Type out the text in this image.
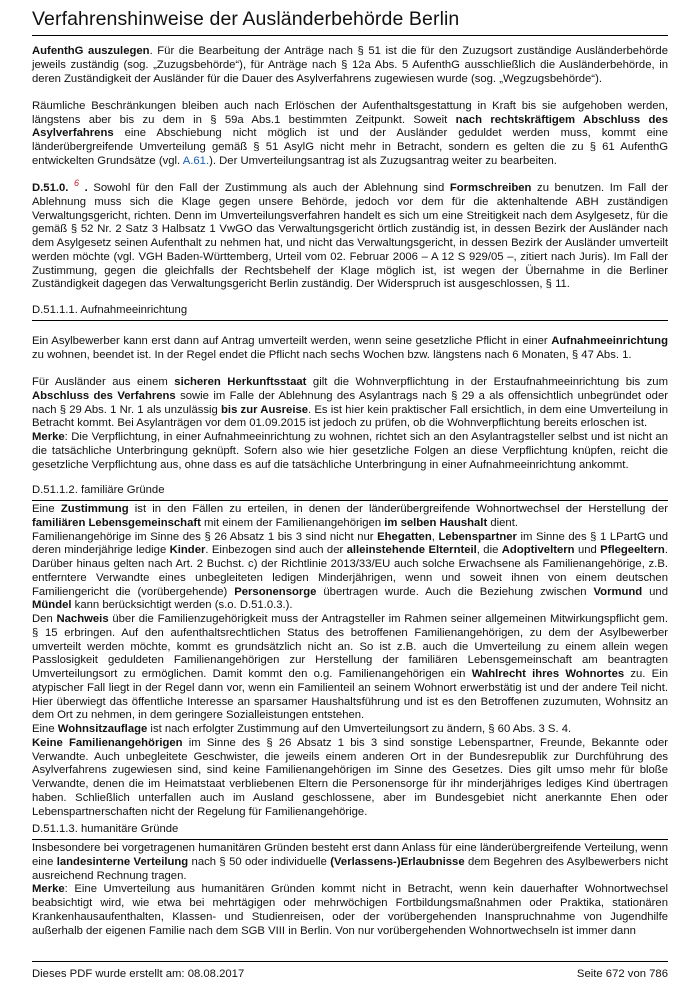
Verfahrenshinweise der Ausländerbehörde Berlin

AufenthG auszulegen. Für die Bearbeitung der Anträge nach § 51 ist die für den Zuzugsort zuständige Ausländerbehörde jeweils zuständig (sog. „Zuzugsbehörde“), für Anträge nach § 12a Abs. 5 AufenthG ausschließlich die Ausländerbehörde, in deren Zuständigkeit der Ausländer für die Dauer des Asylverfahrens zugewiesen wurde (sog. „Wegzugsbehörde“).

Räumliche Beschränkungen bleiben auch nach Erlöschen der Aufenthaltsgestattung in Kraft bis sie aufgehoben werden, längstens aber bis zu dem in § 59a Abs.1 bestimmten Zeitpunkt. Soweit nach rechtskräftigem Abschluss des Asylverfahrens eine Abschiebung nicht möglich ist und der Ausländer geduldet werden muss, kommt eine länderübergreifende Umverteilung gemäß § 51 AsylG nicht mehr in Betracht, sondern es gelten die zu § 61 AufenthG entwickelten Grundsätze (vgl. A.61.). Der Umverteilungsantrag ist als Zuzugsantrag weiter zu bearbeiten.

D.51.0. $^6$ . Sowohl für den Fall der Zustimmung als auch der Ablehnung sind Formschreiben zu benutzen. Im Fall der Ablehnung muss sich die Klage gegen unsere Behörde, jedoch vor dem für die aktenhaltende ABH zuständigen Verwaltungsgericht, richten. Denn im Umverteilungsverfahren handelt es sich um eine Streitigkeit nach dem Asylgesetz, für die gemäß § 52 Nr. 2 Satz 3 Halbsatz 1 VwGO das Verwaltungsgericht örtlich zuständig ist, in dessen Bezirk der Ausländer nach dem Asylgesetz seinen Aufenthalt zu nehmen hat, und nicht das Verwaltungsgericht, in dessen Bezirk der Ausländer umverteilt werden möchte (vgl. VGH Baden-Württemberg, Urteil vom 02. Februar 2006 – A 12 S 929/05 –, zitiert nach Juris). Im Fall der Zustimmung, gegen die gleichfalls der Rechtsbehelf der Klage möglich ist, ist wegen der Übernahme in die Berliner Zuständigkeit dagegen das Verwaltungsgericht Berlin zuständig. Der Widerspruch ist ausgeschlossen, § 11.

D.51.1.1. Aufnahmeeinrichtung

Ein Asylbewerber kann erst dann auf Antrag umverteilt werden, wenn seine gesetzliche Pflicht in einer Aufnahmeeinrichtung zu wohnen, beendet ist. In der Regel endet die Pflicht nach sechs Wochen bzw. längstens nach 6 Monaten, § 47 Abs. 1.

Für Ausländer aus einem sicheren Herkunftsstaat gilt die Wohnverpflichtung in der Erstaufnahmeeinrichtung bis zum Abschluss des Verfahrens sowie im Falle der Ablehnung des Asylantrags nach § 29 a als offensichtlich unbegründet oder nach § 29 Abs. 1 Nr. 1 als unzulässig bis zur Ausreise. Es ist hier kein praktischer Fall ersichtlich, in dem eine Umverteilung in Betracht kommt. Bei Asylanträgen vor dem 01.09.2015 ist jedoch zu prüfen, ob die Wohnverpflichtung bereits erloschen ist.

Merke: Die Verpflichtung, in einer Aufnahmeeinrichtung zu wohnen, richtet sich an den Asylantragsteller selbst und ist nicht an die tatsächliche Unterbringung geknüpft. Sofern also wie hier gesetzliche Folgen an diese Verpflichtung knüpfen, reicht die gesetzliche Verpflichtung aus, ohne dass es auf die tatsächliche Unterbringung in einer Aufnahmeeinrichtung ankommt.

D.51.1.2. familiäre Gründe

Eine Zustimmung ist in den Fällen zu erteilen, in denen der länderübergreifende Wohnortwechsel der Herstellung der familiären Lebensgemeinschaft mit einem der Familienangehörigen im selben Haushalt dient.

Familienangehörige im Sinne des § 26 Absatz 1 bis 3 sind nicht nur Ehegatten, Lebenspartner im Sinne des § 1 LPartG und deren minderjährige ledige Kinder. Einbezogen sind auch der alleinstehende Elternteil, die Adoptiveltern und Pflegeeltern. Darüber hinaus gelten nach Art. 2 Buchst. c) der Richtlinie 2013/33/EU auch solche Erwachsene als Familienangehörige, z.B. entferntere Verwandte eines unbegleiteten ledigen Minderjährigen, wenn und soweit ihnen von einem deutschen Familiengericht die (vorübergehende) Personensorge übertragen wurde. Auch die Beziehung zwischen Vormund und Mündel kann berücksichtigt werden (s.o. D.51.0.3.).

Den Nachweis über die Familienzugehörigkeit muss der Antragsteller im Rahmen seiner allgemeinen Mitwirkungspflicht gem. § 15 erbringen. Auf den aufenthaltsrechtlichen Status des betroffenen Familienangehörigen, zu dem der Asylbewerber umverteilt werden möchte, kommt es grundsätzlich nicht an. So ist z.B. auch die Umverteilung zu einem allein wegen Passlosigkeit geduldeten Familienangehörigen zur Herstellung der familiären Lebensgemeinschaft am beantragten Umverteilungsort zu ermöglichen. Damit kommt den o.g. Familienangehörigen ein Wahlrecht ihres Wohnortes zu. Ein atypischer Fall liegt in der Regel dann vor, wenn ein Familienteil an seinem Wohnort erwerbstätig ist und der andere Teil nicht. Hier überwiegt das öffentliche Interesse an sparsamer Haushaltsführung und ist es den Betroffenen zuzumuten, Wohnsitz an dem Ort zu nehmen, in dem geringere Sozialleistungen entstehen.

Eine Wohnsitzauflage ist nach erfolgter Zustimmung auf den Umverteilungsort zu ändern, § 60 Abs. 3 S. 4.

Keine Familienangehörigen im Sinne des § 26 Absatz 1 bis 3 sind sonstige Lebenspartner, Freunde, Bekannte oder Verwandte. Auch unbegleitete Geschwister, die jeweils einem anderen Ort in der Bundesrepublik zur Durchführung des Asylverfahrens zugewiesen sind, sind keine Familienangehörigen im Sinne des Gesetzes. Dies gilt umso mehr für bloße Verwandte, denen die im Heimatstaat verbliebenen Eltern die Personensorge für ihr minderjähriges lediges Kind übertragen haben. Schließlich unterfallen auch im Ausland geschlossene, aber im Bundesgebiet nicht anerkannte Ehen oder Lebenspartnerschaften nicht der Regelung für Familienangehörige.

D.51.1.3. humanitäre Gründe

Insbesondere bei vorgetragenen humanitären Gründen besteht erst dann Anlass für eine länderübergreifende Verteilung, wenn eine landesinterne Verteilung nach § 50 oder individuelle (Verlassens-)Erlaubnisse dem Begehren des Asylbewerbers nicht ausreichend Rechnung tragen.

Merke: Eine Umverteilung aus humanitären Gründen kommt nicht in Betracht, wenn kein dauerhafter Wohnortwechsel beabsichtigt wird, wie etwa bei mehrtägigen oder mehrwöchigen Fortbildungsmaßnahmen oder Praktika, stationären Krankenhausaufenthalten, Klassen- und Studienreisen, oder der vorübergehenden Inanspruchnahme von Jugendhilfe außerhalb der eigenen Familie nach dem SGB VIII in Berlin. Von nur vorübergehenden Wohnortwechseln ist immer dann

Dieses PDF wurde erstellt am: 08.08.2017	Seite 672 von 786
